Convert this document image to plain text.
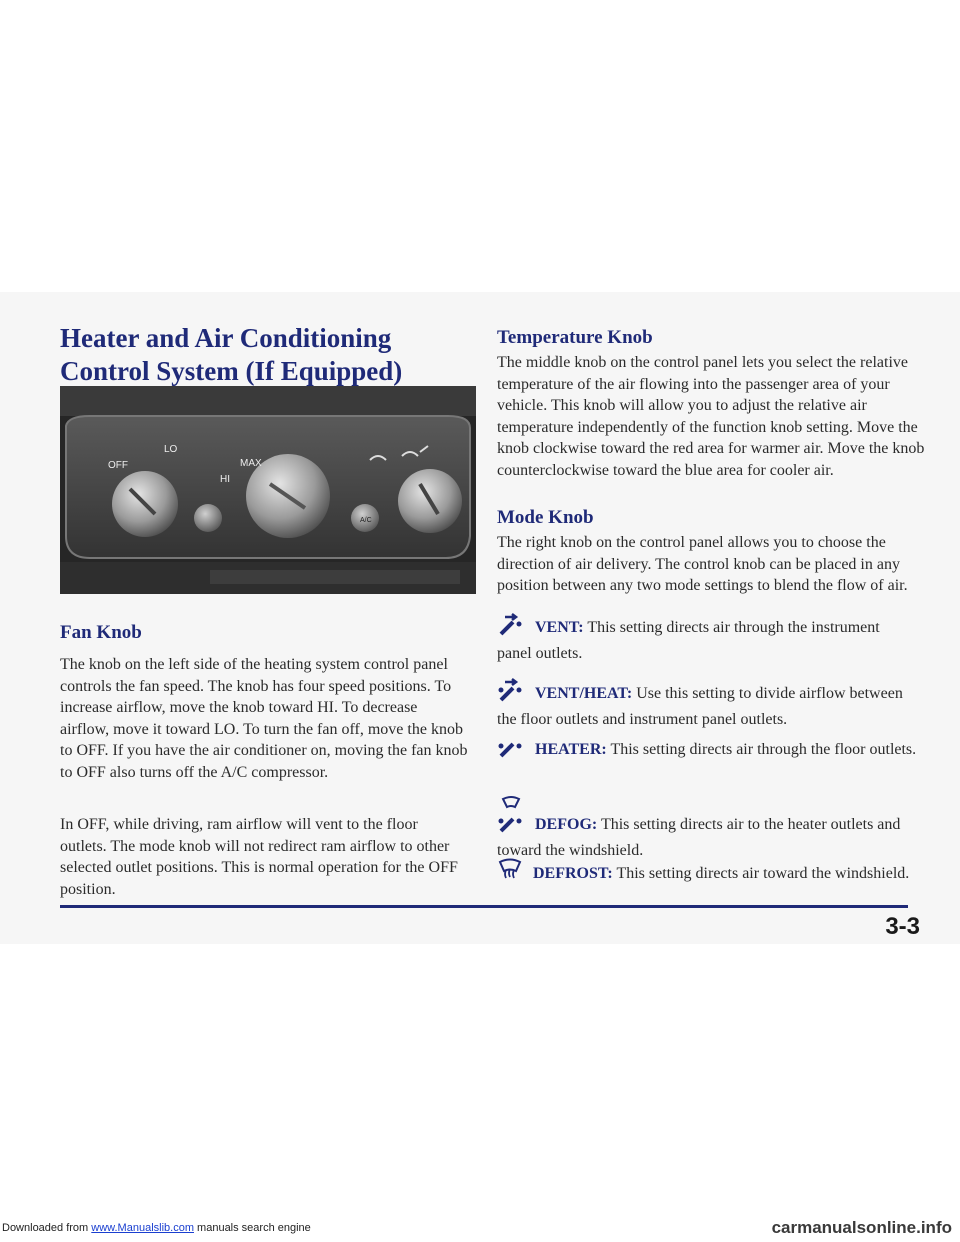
Heater and Air Conditioning Control System (If Equipped)
A/C
OFF
LO
HI
MAX
Fan Knob

The knob on the left side of the heating system control panel controls the fan speed. The knob has four speed positions. To increase airflow, move the knob toward HI. To decrease airflow, move it toward LO. To turn the fan off, move the knob to OFF. If you have the air conditioner on, moving the fan knob to OFF also turns off the A/C compressor.

In OFF, while driving, ram airflow will vent to the floor outlets. The mode knob will not redirect ram airflow to other selected outlet positions. This is normal operation for the OFF position.

Temperature Knob

The middle knob on the control panel lets you select the relative temperature of the air flowing into the passenger area of your vehicle. This knob will allow you to adjust the relative air temperature independently of the function knob setting. Move the knob clockwise toward the red area for warmer air. Move the knob counterclockwise toward the blue area for cooler air.

Mode Knob

The right knob on the control panel allows you to choose the direction of air delivery. The control knob can be placed in any position between any two mode settings to blend the flow of air.

VENT: This setting directs air through the instrument panel outlets.

VENT/HEAT: Use this setting to divide airflow between the floor outlets and instrument panel outlets.

HEATER: This setting directs air through the floor outlets.

DEFOG: This setting directs air to the heater outlets and toward the windshield.

DEFROST: This setting directs air toward the windshield.

3-3
Downloaded from www.Manualslib.com manuals search engine	carmanualsonline.info
